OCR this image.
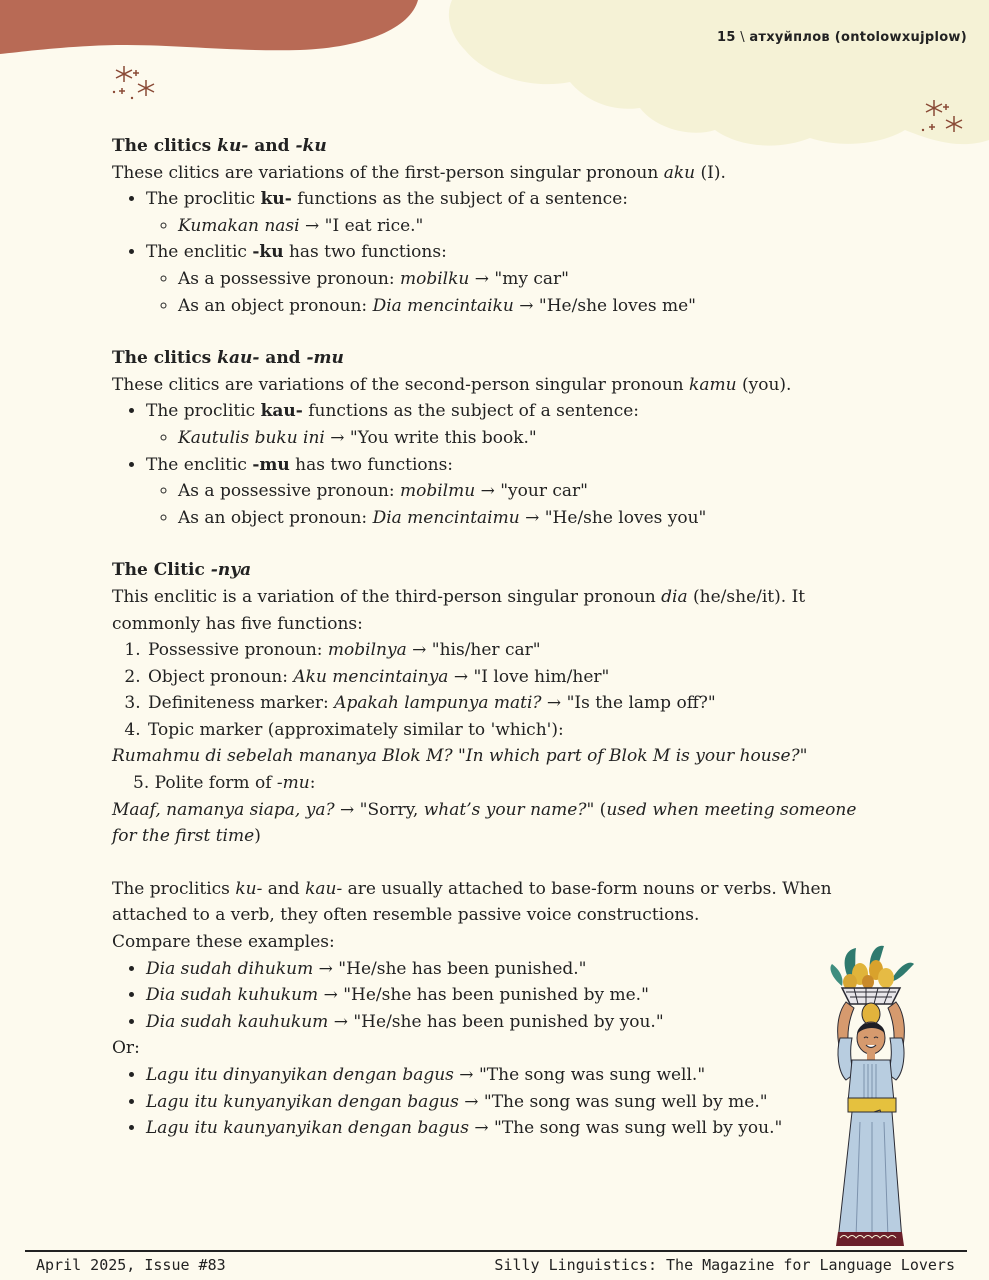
15 \ атхуйплов (ontolowxujplow)
The clitics ku- and -ku
These clitics are variations of the first-person singular pronoun aku (I).
• The proclitic ku- functions as the subject of a sentence:
◦ Kumakan nasi → "I eat rice."
• The enclitic -ku has two functions:
◦ As a possessive pronoun: mobilku → "my car"
◦ As an object pronoun: Dia mencintaiku → "He/she loves me"
The clitics kau- and -mu
These clitics are variations of the second-person singular pronoun kamu (you).
• The proclitic kau- functions as the subject of a sentence:
◦ Kautulis buku ini → "You write this book."
• The enclitic -mu has two functions:
◦ As a possessive pronoun: mobilmu → "your car"
◦ As an object pronoun: Dia mencintaimu → "He/she loves you"
The Clitic -nya
This enclitic is a variation of the third-person singular pronoun dia (he/she/it). It commonly has five functions:
1. Possessive pronoun: mobilnya → "his/her car"
2. Object pronoun: Aku mencintainya → "I love him/her"
3. Definiteness marker: Apakah lampunya mati? → "Is the lamp off?"
4. Topic marker (approximately similar to 'which'):
Rumahmu di sebelah mananya Blok M? "In which part of Blok M is your house?"
5. Polite form of -mu:
Maaf, namanya siapa, ya? → "Sorry, what’s your name?" (used when meeting someone for the first time)
The proclitics ku- and kau- are usually attached to base-form nouns or verbs. When attached to a verb, they often resemble passive voice constructions.
Compare these examples:
• Dia sudah dihukum → "He/she has been punished."
• Dia sudah kuhukum → "He/she has been punished by me."
• Dia sudah kauhukum → "He/she has been punished by you."
Or:
• Lagu itu dinyanyikan dengan bagus → "The song was sung well."
• Lagu itu kunyanyikan dengan bagus → "The song was sung well by me."
• Lagu itu kaunyanyikan dengan bagus → "The song was sung well by you."
April 2025, Issue #83	Silly Linguistics: The Magazine for Language Lovers
